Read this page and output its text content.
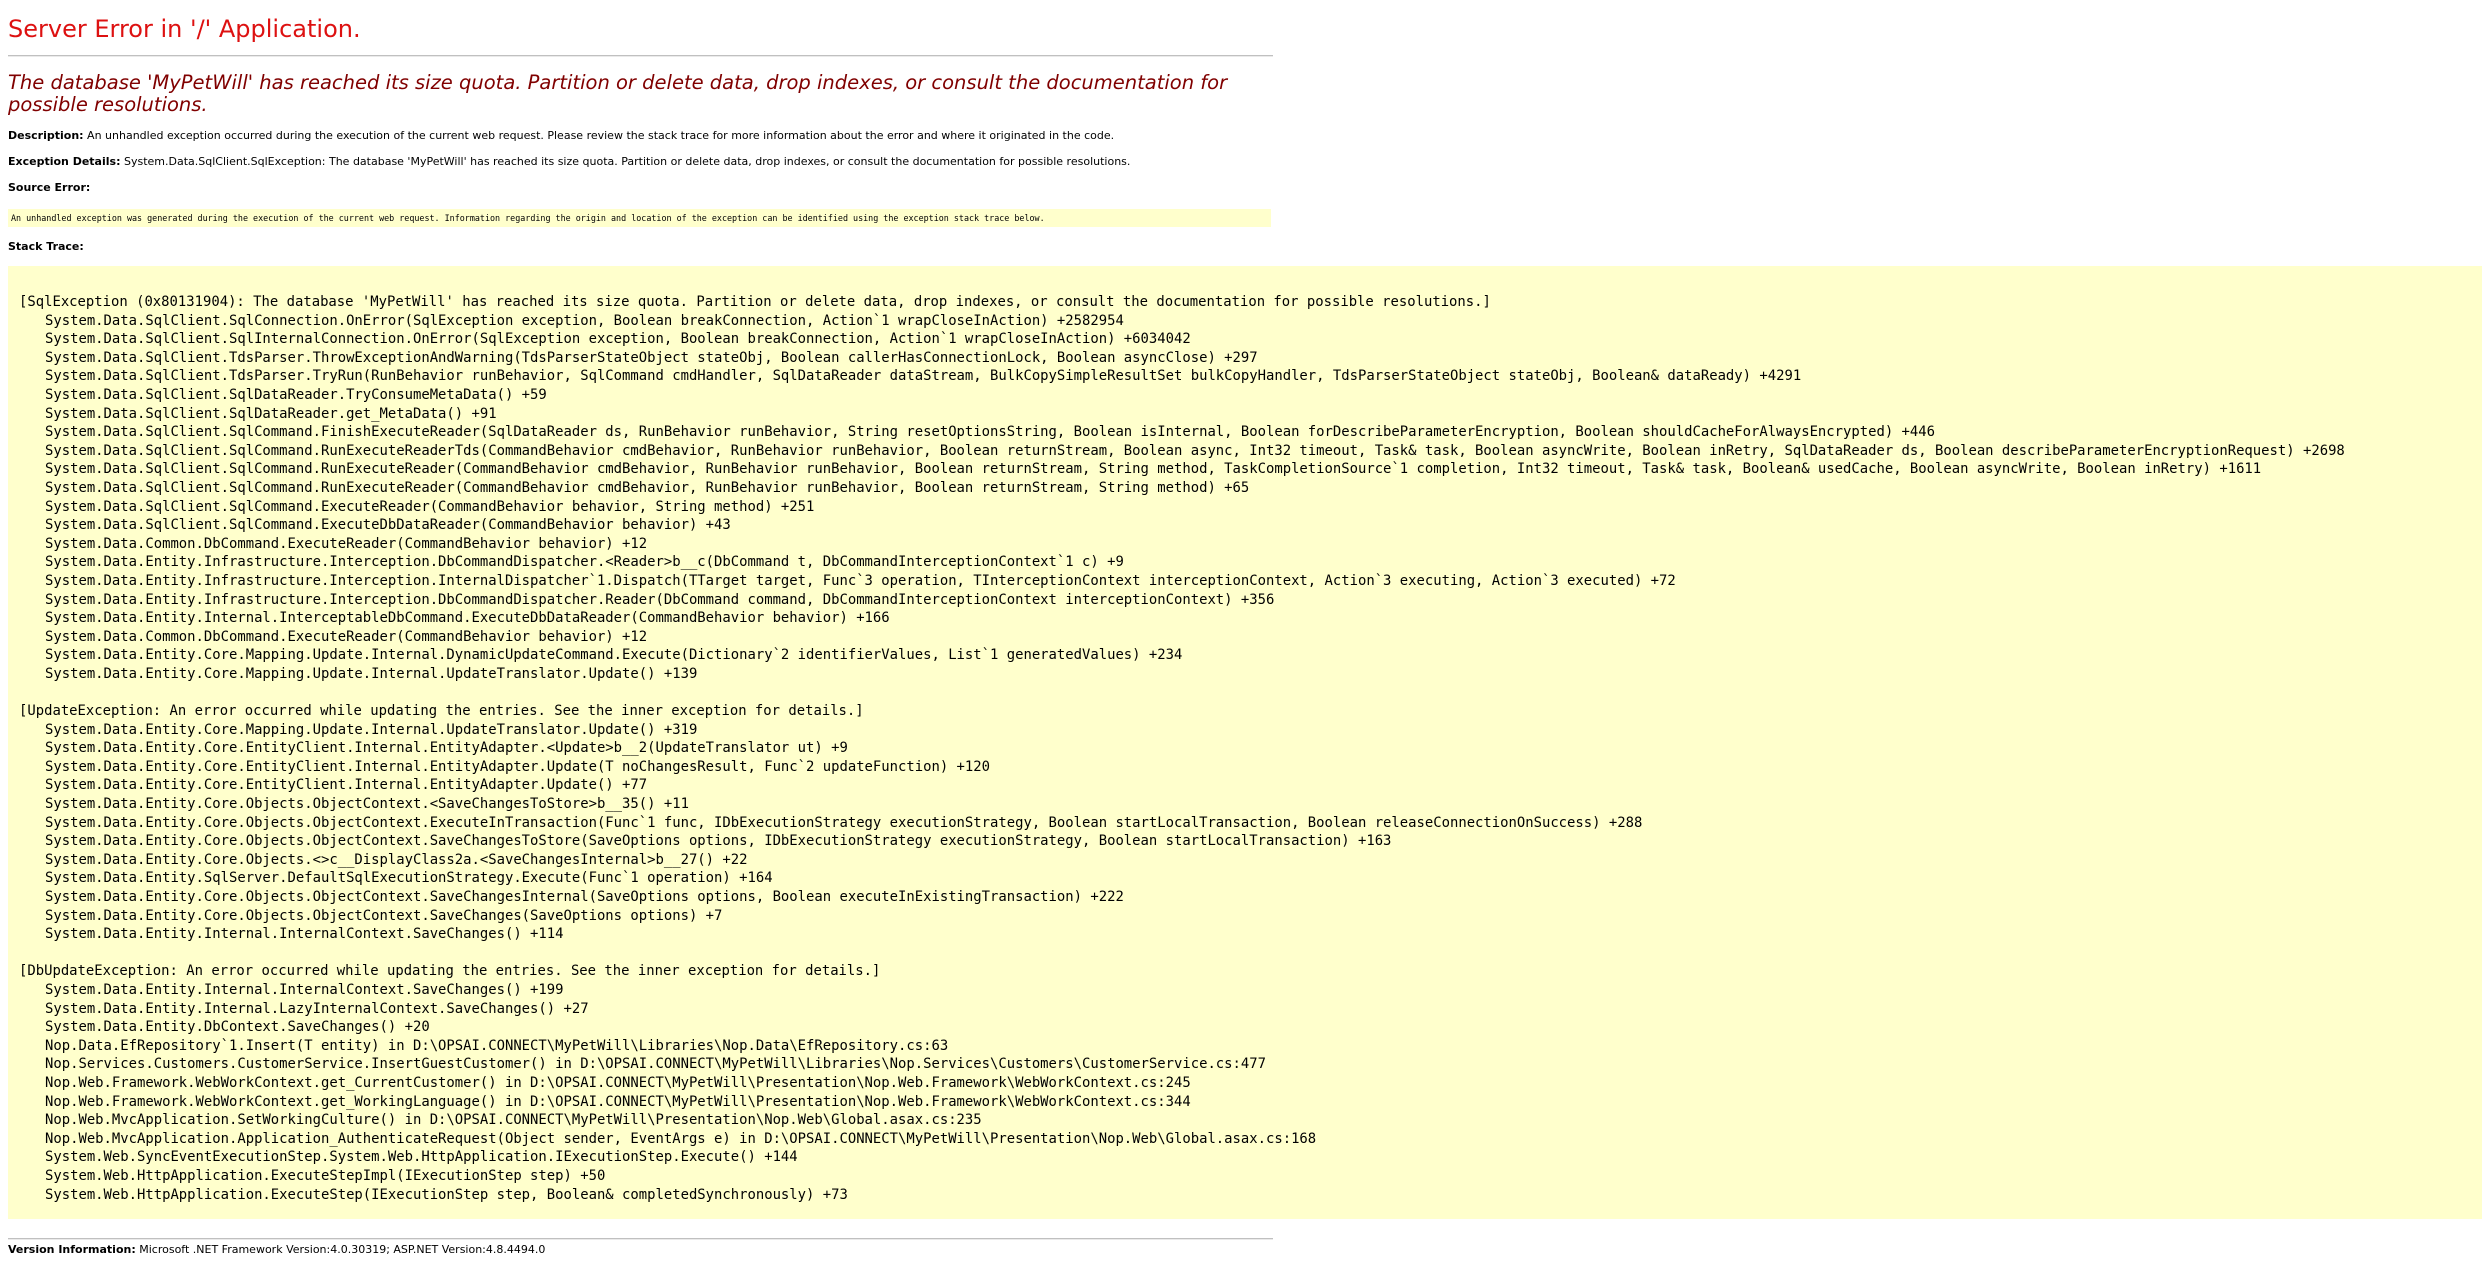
Server Error in '/' Application.
The database 'MyPetWill' has reached its size quota. Partition or delete data, drop indexes, or consult the documentation for possible resolutions.
Description: An unhandled exception occurred during the execution of the current web request. Please review the stack trace for more information about the error and where it originated in the code.
Exception Details: System.Data.SqlClient.SqlException: The database 'MyPetWill' has reached its size quota. Partition or delete data, drop indexes, or consult the documentation for possible resolutions.
Source Error:
An unhandled exception was generated during the execution of the current web request. Information regarding the origin and location of the exception can be identified using the exception stack trace below.
Stack Trace:
[SqlException (0x80131904): The database 'MyPetWill' has reached its size quota. Partition or delete data, drop indexes, or consult the documentation for possible resolutions.]
System.Data.SqlClient.SqlConnection.OnError(SqlException exception, Boolean breakConnection, Action`1 wrapCloseInAction) +2582954
System.Data.SqlClient.SqlInternalConnection.OnError(SqlException exception, Boolean breakConnection, Action`1 wrapCloseInAction) +6034042
System.Data.SqlClient.TdsParser.ThrowExceptionAndWarning(TdsParserStateObject stateObj, Boolean callerHasConnectionLock, Boolean asyncClose) +297
System.Data.SqlClient.TdsParser.TryRun(RunBehavior runBehavior, SqlCommand cmdHandler, SqlDataReader dataStream, BulkCopySimpleResultSet bulkCopyHandler, TdsParserStateObject stateObj, Boolean& dataReady) +4291
System.Data.SqlClient.SqlDataReader.TryConsumeMetaData() +59
System.Data.SqlClient.SqlDataReader.get_MetaData() +91
System.Data.SqlClient.SqlCommand.FinishExecuteReader(SqlDataReader ds, RunBehavior runBehavior, String resetOptionsString, Boolean isInternal, Boolean forDescribeParameterEncryption, Boolean shouldCacheForAlwaysEncrypted) +446
System.Data.SqlClient.SqlCommand.RunExecuteReaderTds(CommandBehavior cmdBehavior, RunBehavior runBehavior, Boolean returnStream, Boolean async, Int32 timeout, Task& task, Boolean asyncWrite, Boolean inRetry, SqlDataReader ds, Boolean describeParameterEncryptionRequest) +2698
System.Data.SqlClient.SqlCommand.RunExecuteReader(CommandBehavior cmdBehavior, RunBehavior runBehavior, Boolean returnStream, String method, TaskCompletionSource`1 completion, Int32 timeout, Task& task, Boolean& usedCache, Boolean asyncWrite, Boolean inRetry) +1611
System.Data.SqlClient.SqlCommand.RunExecuteReader(CommandBehavior cmdBehavior, RunBehavior runBehavior, Boolean returnStream, String method) +65
System.Data.SqlClient.SqlCommand.ExecuteReader(CommandBehavior behavior, String method) +251
System.Data.SqlClient.SqlCommand.ExecuteDbDataReader(CommandBehavior behavior) +43
System.Data.Common.DbCommand.ExecuteReader(CommandBehavior behavior) +12
System.Data.Entity.Infrastructure.Interception.DbCommandDispatcher.<Reader>b__c(DbCommand t, DbCommandInterceptionContext`1 c) +9
System.Data.Entity.Infrastructure.Interception.InternalDispatcher`1.Dispatch(TTarget target, Func`3 operation, TInterceptionContext interceptionContext, Action`3 executing, Action`3 executed) +72
System.Data.Entity.Infrastructure.Interception.DbCommandDispatcher.Reader(DbCommand command, DbCommandInterceptionContext interceptionContext) +356
System.Data.Entity.Internal.InterceptableDbCommand.ExecuteDbDataReader(CommandBehavior behavior) +166
System.Data.Common.DbCommand.ExecuteReader(CommandBehavior behavior) +12
System.Data.Entity.Core.Mapping.Update.Internal.DynamicUpdateCommand.Execute(Dictionary`2 identifierValues, List`1 generatedValues) +234
System.Data.Entity.Core.Mapping.Update.Internal.UpdateTranslator.Update() +139
[UpdateException: An error occurred while updating the entries. See the inner exception for details.]
System.Data.Entity.Core.Mapping.Update.Internal.UpdateTranslator.Update() +319
System.Data.Entity.Core.EntityClient.Internal.EntityAdapter.<Update>b__2(UpdateTranslator ut) +9
System.Data.Entity.Core.EntityClient.Internal.EntityAdapter.Update(T noChangesResult, Func`2 updateFunction) +120
System.Data.Entity.Core.EntityClient.Internal.EntityAdapter.Update() +77
System.Data.Entity.Core.Objects.ObjectContext.<SaveChangesToStore>b__35() +11
System.Data.Entity.Core.Objects.ObjectContext.ExecuteInTransaction(Func`1 func, IDbExecutionStrategy executionStrategy, Boolean startLocalTransaction, Boolean releaseConnectionOnSuccess) +288
System.Data.Entity.Core.Objects.ObjectContext.SaveChangesToStore(SaveOptions options, IDbExecutionStrategy executionStrategy, Boolean startLocalTransaction) +163
System.Data.Entity.Core.Objects.<>c__DisplayClass2a.<SaveChangesInternal>b__27() +22
System.Data.Entity.SqlServer.DefaultSqlExecutionStrategy.Execute(Func`1 operation) +164
System.Data.Entity.Core.Objects.ObjectContext.SaveChangesInternal(SaveOptions options, Boolean executeInExistingTransaction) +222
System.Data.Entity.Core.Objects.ObjectContext.SaveChanges(SaveOptions options) +7
System.Data.Entity.Internal.InternalContext.SaveChanges() +114
[DbUpdateException: An error occurred while updating the entries. See the inner exception for details.]
System.Data.Entity.Internal.InternalContext.SaveChanges() +199
System.Data.Entity.Internal.LazyInternalContext.SaveChanges() +27
System.Data.Entity.DbContext.SaveChanges() +20
Nop.Data.EfRepository`1.Insert(T entity) in D:\OPSAI.CONNECT\MyPetWill\Libraries\Nop.Data\EfRepository.cs:63
Nop.Services.Customers.CustomerService.InsertGuestCustomer() in D:\OPSAI.CONNECT\MyPetWill\Libraries\Nop.Services\Customers\CustomerService.cs:477
Nop.Web.Framework.WebWorkContext.get_CurrentCustomer() in D:\OPSAI.CONNECT\MyPetWill\Presentation\Nop.Web.Framework\WebWorkContext.cs:245
Nop.Web.Framework.WebWorkContext.get_WorkingLanguage() in D:\OPSAI.CONNECT\MyPetWill\Presentation\Nop.Web.Framework\WebWorkContext.cs:344
Nop.Web.MvcApplication.SetWorkingCulture() in D:\OPSAI.CONNECT\MyPetWill\Presentation\Nop.Web\Global.asax.cs:235
Nop.Web.MvcApplication.Application_AuthenticateRequest(Object sender, EventArgs e) in D:\OPSAI.CONNECT\MyPetWill\Presentation\Nop.Web\Global.asax.cs:168
System.Web.SyncEventExecutionStep.System.Web.HttpApplication.IExecutionStep.Execute() +144
System.Web.HttpApplication.ExecuteStepImpl(IExecutionStep step) +50
System.Web.HttpApplication.ExecuteStep(IExecutionStep step, Boolean& completedSynchronously) +73
Version Information: Microsoft .NET Framework Version:4.0.30319; ASP.NET Version:4.8.4494.0
